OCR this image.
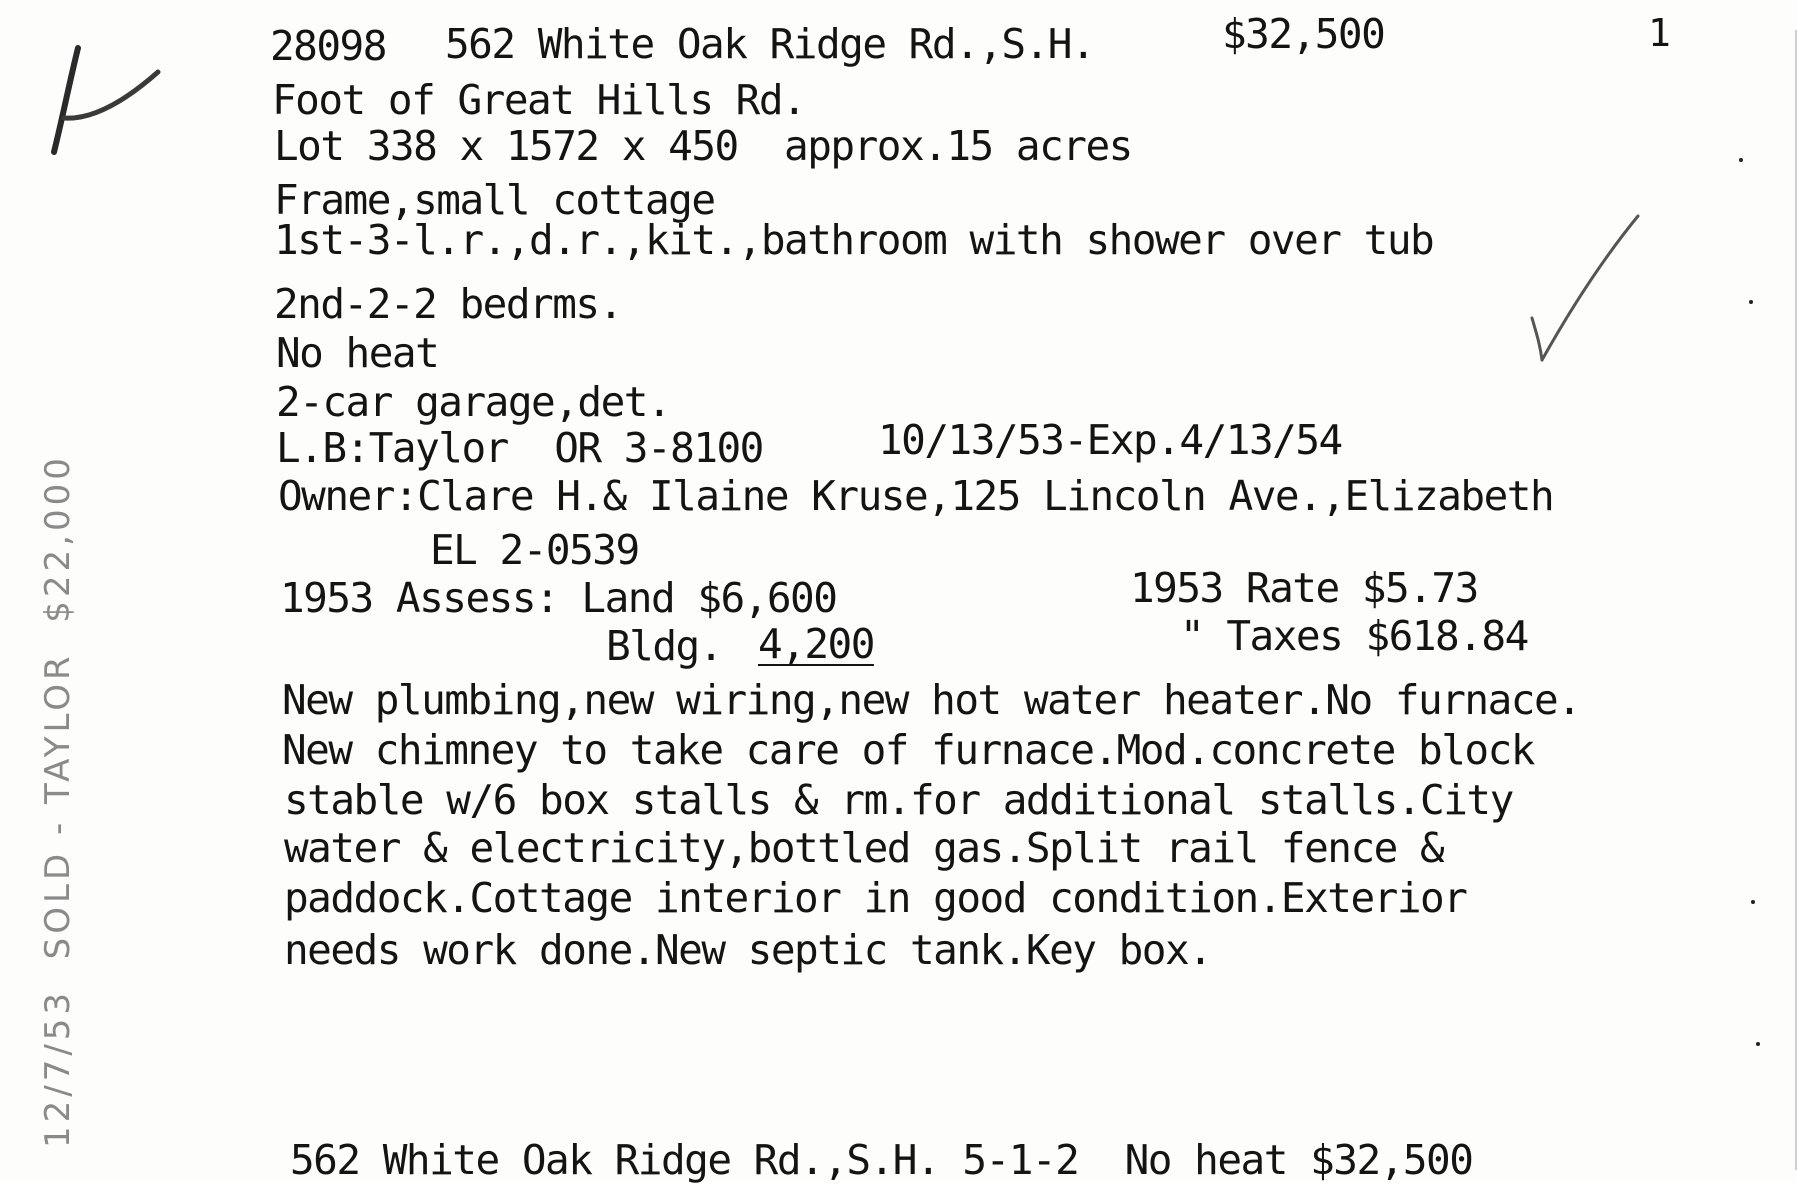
28098 562 White Oak Ridge Rd.,S.H.	$32,500	1
Foot of Great Hills Rd.
Lot 338 x 1572 x 450  approx.15 acres
Frame,small cottage
1st-3-l.r.,d.r.,kit.,bathroom with shower over tub
2nd-2-2 bedrms.
No heat
2-car garage,det.
L.B:Taylor  OR 3-8100	10/13/53-Exp.4/13/54
Owner:Clare H.& Ilaine Kruse,125 Lincoln Ave.,Elizabeth
EL 2-0539
1953 Assess: Land $6,600	1953 Rate $5.73
Bldg. 4,200	" Taxes $618.84
New plumbing,new wiring,new hot water heater.No furnace.
New chimney to take care of furnace.Mod.concrete block
stable w/6 box stalls & rm.for additional stalls.City
water & electricity,bottled gas.Split rail fence &
paddock.Cottage interior in good condition.Exterior
needs work done.New septic tank.Key box.
562 White Oak Ridge Rd.,S.H. 5-1-2  No heat $32,500
12/7/53  SOLD - TAYLOR  $22,000
